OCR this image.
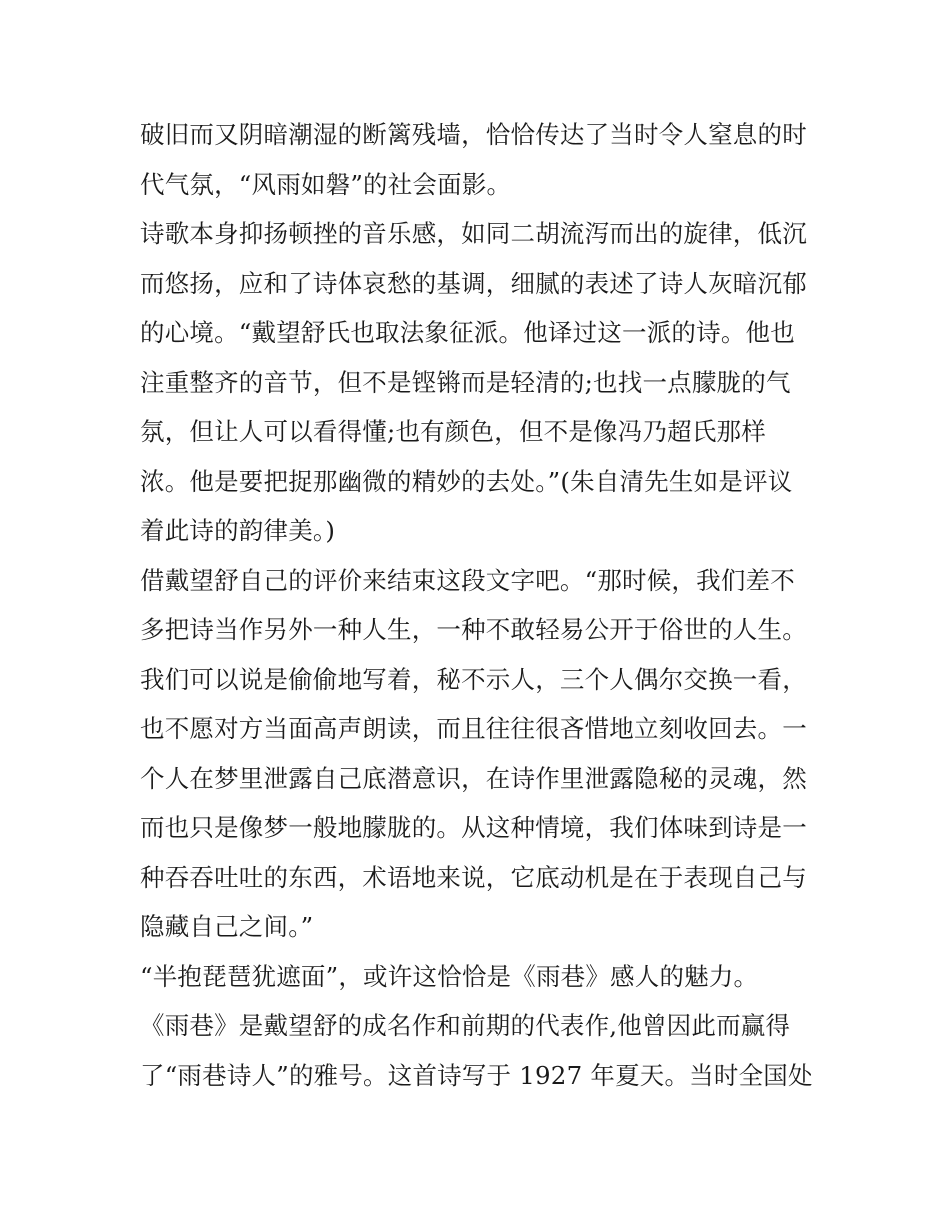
破旧而又阴暗潮湿的断篱残墙，恰恰传达了当时令人窒息的时
代气氛，“风雨如磐”的社会面影。
诗歌本身抑扬顿挫的音乐感，如同二胡流泻而出的旋律，低沉
而悠扬，应和了诗体哀愁的基调，细腻的表述了诗人灰暗沉郁
的心境。“戴望舒氏也取法象征派。他译过这一派的诗。他也
注重整齐的音节，但不是铿锵而是轻清的;也找一点朦胧的气
氛，但让人可以看得懂;也有颜色，但不是像冯乃超氏那样
浓。他是要把捉那幽微的精妙的去处。”(朱自清先生如是评议
着此诗的韵律美。)
借戴望舒自己的评价来结束这段文字吧。“那时候，我们差不
多把诗当作另外一种人生，一种不敢轻易公开于俗世的人生。
我们可以说是偷偷地写着，秘不示人，三个人偶尔交换一看，
也不愿对方当面高声朗读，而且往往很吝惜地立刻收回去。一
个人在梦里泄露自己底潜意识，在诗作里泄露隐秘的灵魂，然
而也只是像梦一般地朦胧的。从这种情境，我们体味到诗是一
种吞吞吐吐的东西，术语地来说，它底动机是在于表现自己与
隐藏自己之间。”
“半抱琵琶犹遮面”，或许这恰恰是《雨巷》感人的魅力。
《雨巷》是戴望舒的成名作和前期的代表作,他曾因此而赢得
了“雨巷诗人”的雅号。这首诗写于 1927 年夏天。当时全国处
